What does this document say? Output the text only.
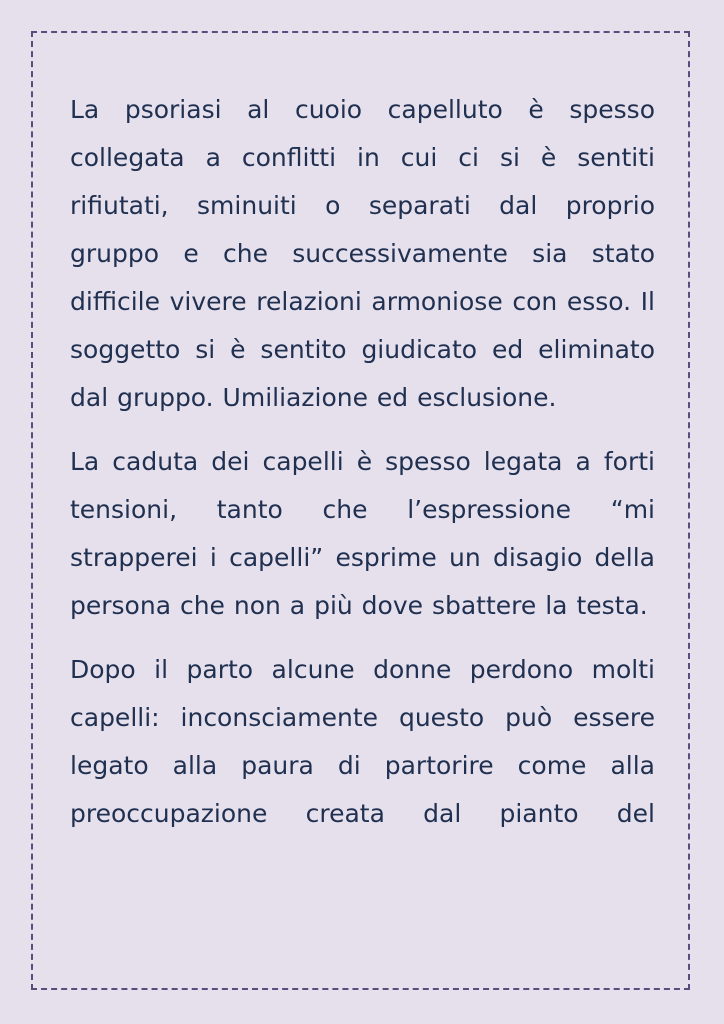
La psoriasi al cuoio capelluto è spesso collegata a conflitti in cui ci si è sentiti rifiutati, sminuiti o separati dal proprio gruppo e che successivamente sia stato difficile vivere relazioni armoniose con esso. Il soggetto si è sentito giudicato ed eliminato dal gruppo. Umiliazione ed esclusione.

La caduta dei capelli è spesso legata a forti tensioni, tanto che l’espressione “mi strapperei i capelli” esprime un disagio della persona che non a più dove sbattere la testa.

Dopo il parto alcune donne perdono molti capelli: inconsciamente questo può essere legato alla paura di partorire come alla preoccupazione creata dal pianto del
